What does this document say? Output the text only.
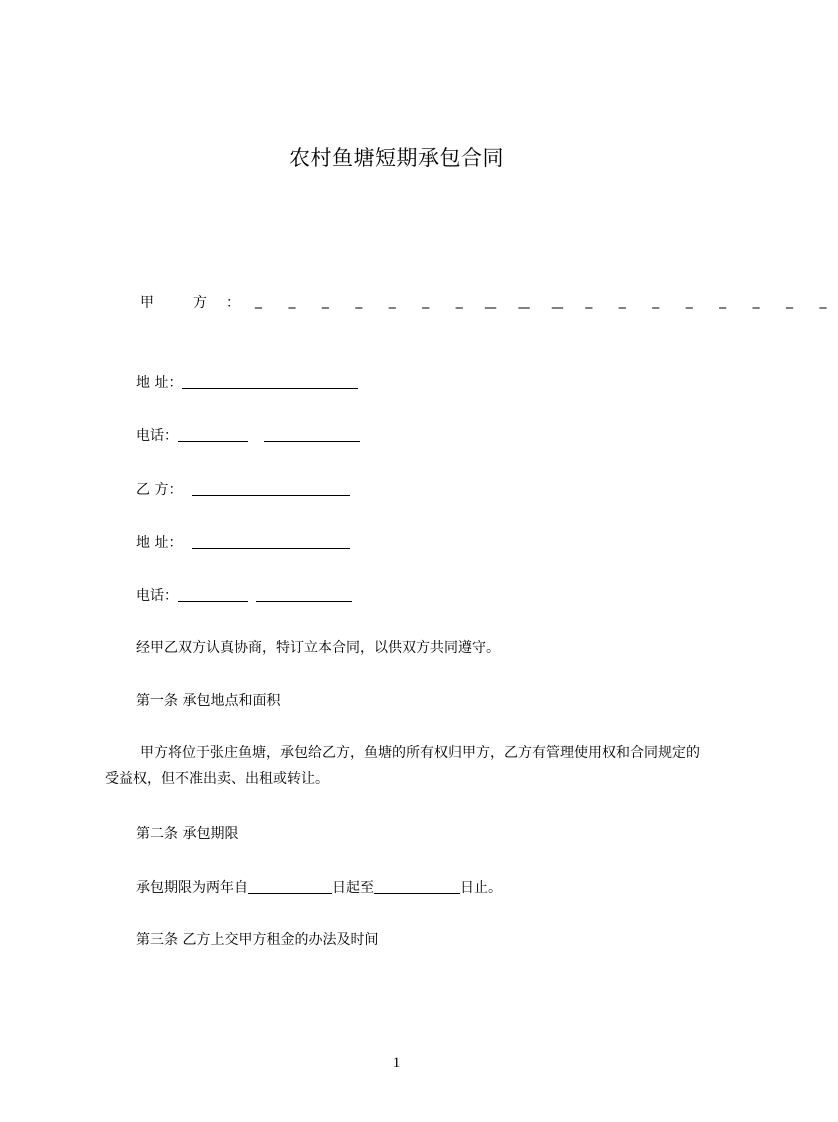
农村鱼塘短期承包合同
甲	方 ： _ _ _ _ _ _ _ _ _ _
_ _ _ _ _ _ _ _ _ _ _
地 址：
电话：
乙 方：
地 址：
电话：
经甲乙双方认真协商，特订立本合同，以供双方共同遵守。
第一条 承包地点和面积
甲方将位于张庄鱼塘，承包给乙方，鱼塘的所有权归甲方，乙方有管理使用权和合同规定的受益权，但不准出卖、出租或转让。
第二条 承包期限
承包期限为两年自	日起至	日止。
第三条 乙方上交甲方租金的办法及时间
1
